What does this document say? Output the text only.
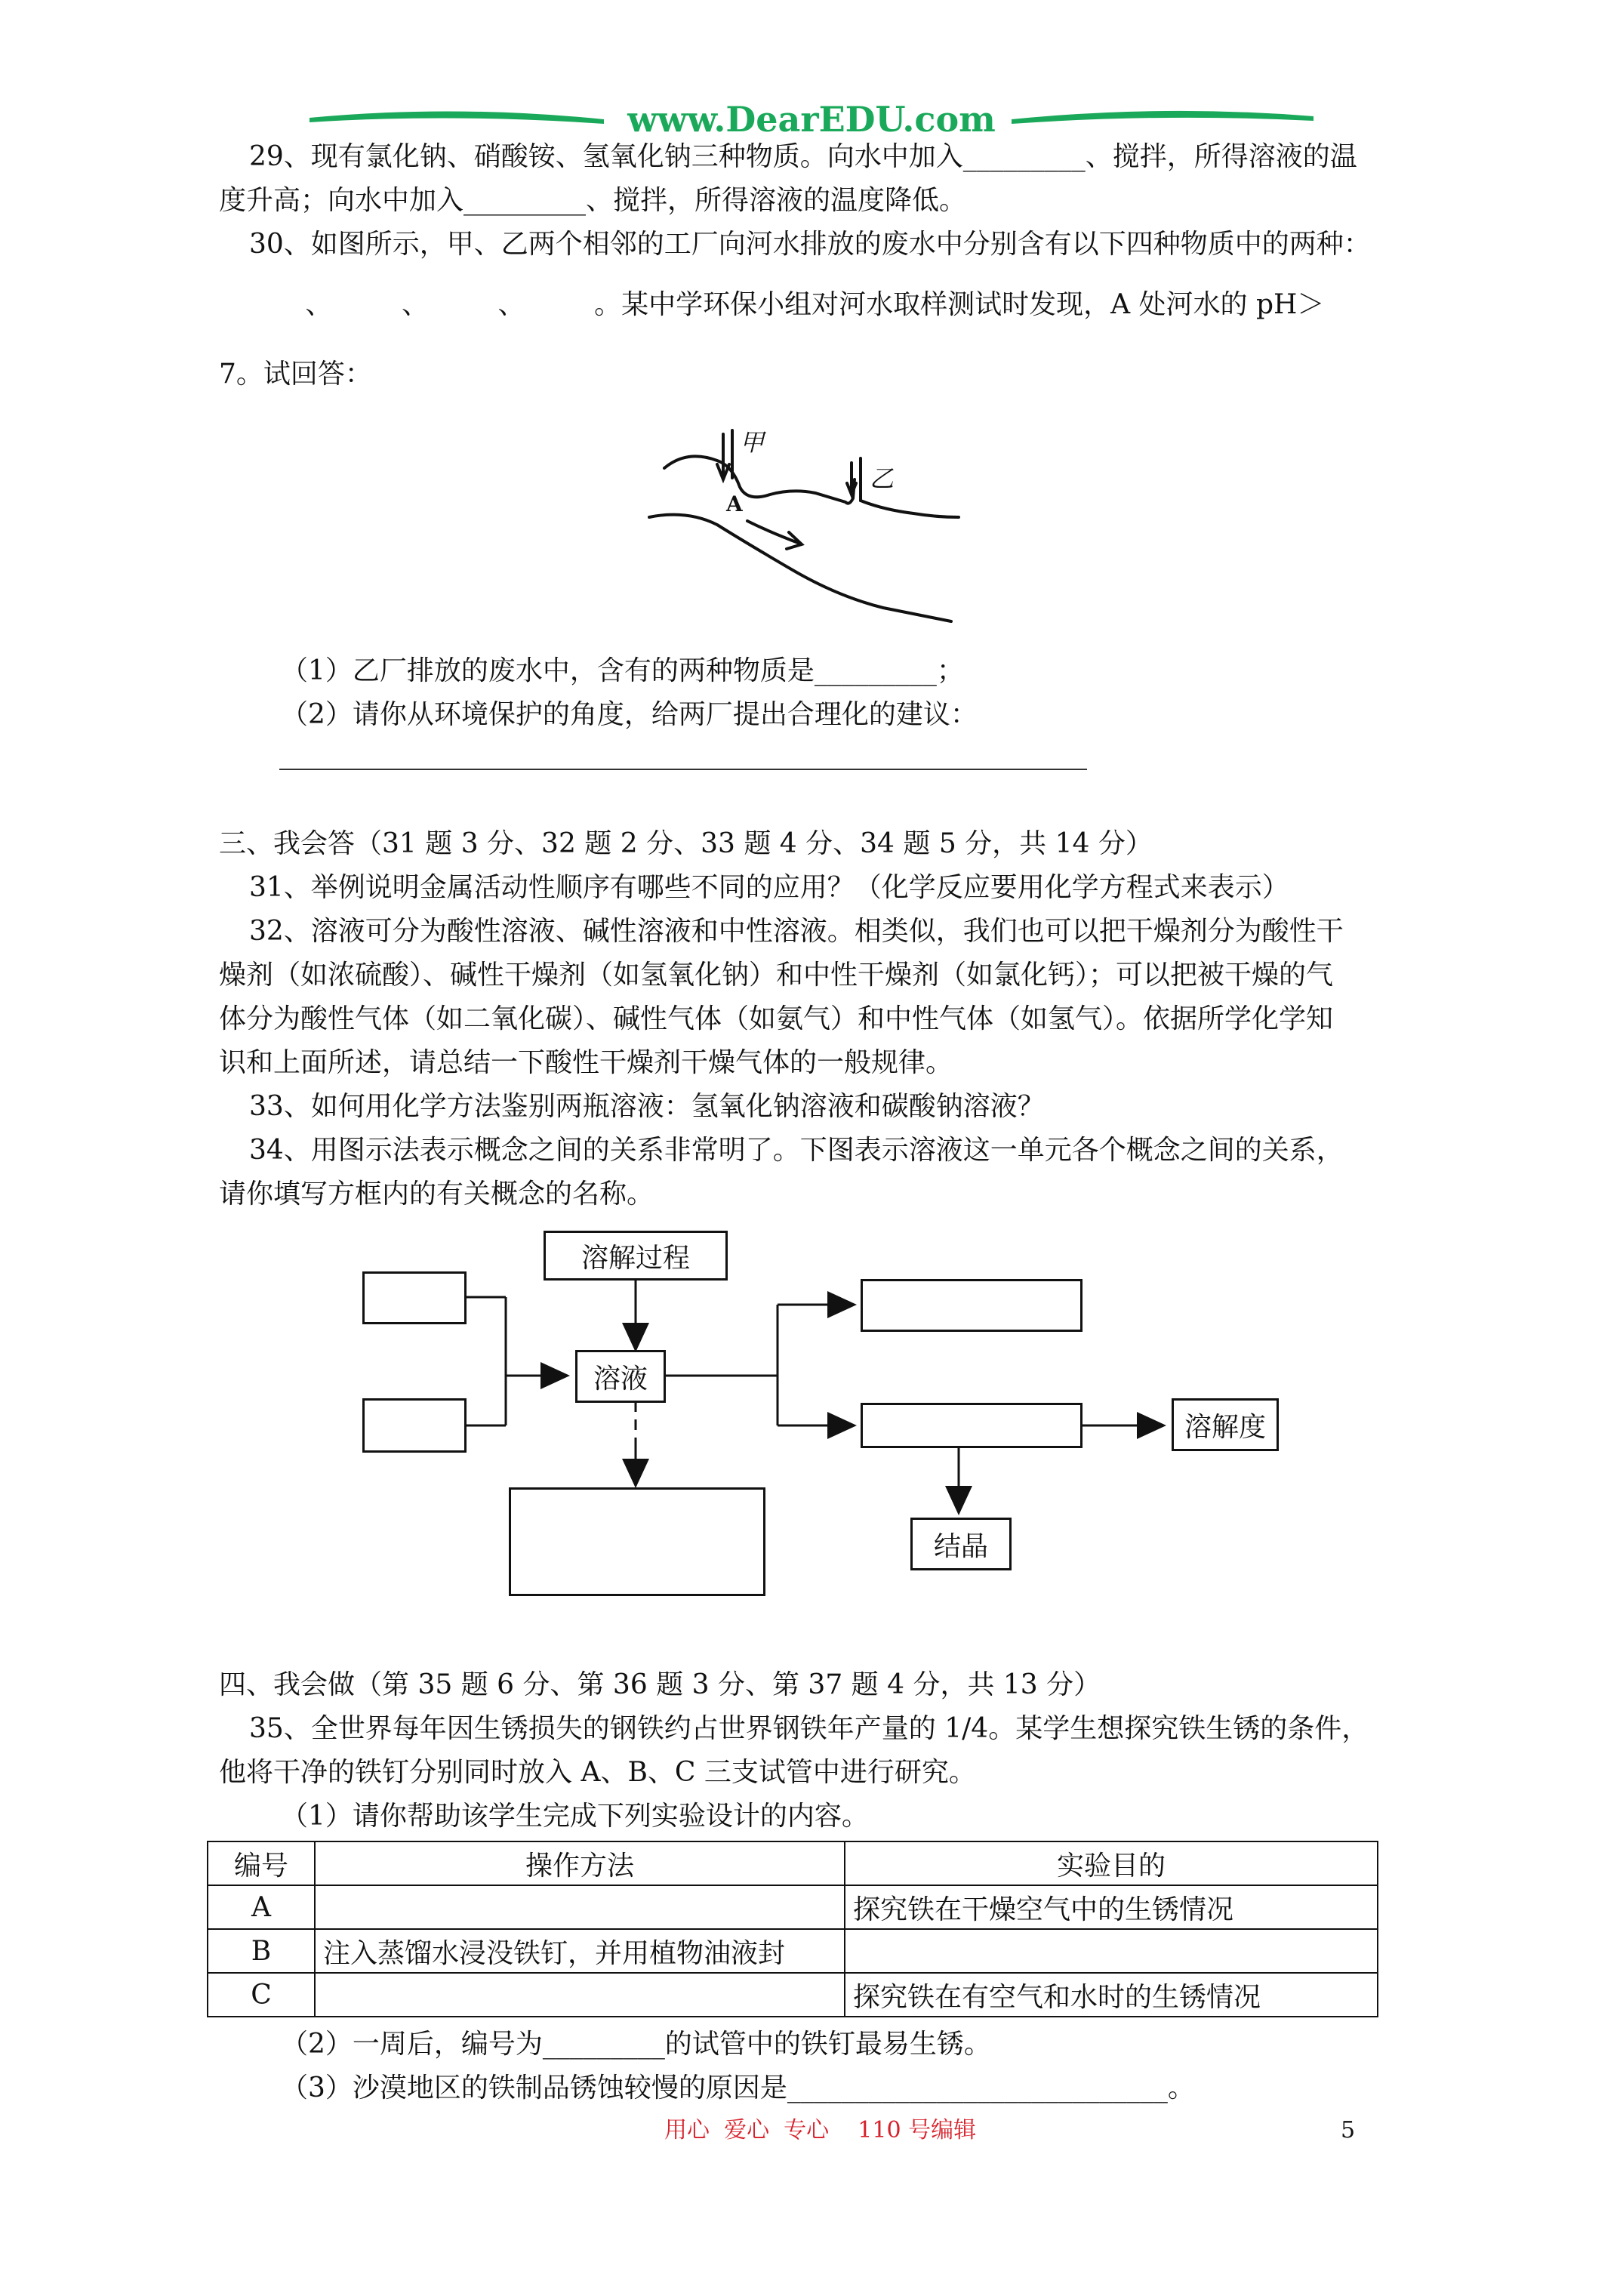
www.DearEDU.com
29、现有氯化钠、硝酸铵、氢氧化钠三种物质。向水中加入_________、搅拌，所得溶液的温
度升高；向水中加入_________、搅拌，所得溶液的温度降低。
30、如图所示，甲、乙两个相邻的工厂向河水排放的废水中分别含有以下四种物质中的两种：
、        、        、        。某中学环保小组对河水取样测试时发现，A 处河水的 pH＞
7。试回答：
甲
乙
A
（1）乙厂排放的废水中，含有的两种物质是_________；
（2）请你从环境保护的角度，给两厂提出合理化的建议：
三、我会答（31 题 3 分、32 题 2 分、33 题 4 分、34 题 5 分，共 14 分）
31、举例说明金属活动性顺序有哪些不同的应用？（化学反应要用化学方程式来表示）
32、溶液可分为酸性溶液、碱性溶液和中性溶液。相类似，我们也可以把干燥剂分为酸性干
燥剂（如浓硫酸）、碱性干燥剂（如氢氧化钠）和中性干燥剂（如氯化钙）；可以把被干燥的气
体分为酸性气体（如二氧化碳）、碱性气体（如氨气）和中性气体（如氢气）。依据所学化学知
识和上面所述，请总结一下酸性干燥剂干燥气体的一般规律。
33、如何用化学方法鉴别两瓶溶液：氢氧化钠溶液和碳酸钠溶液？
34、用图示法表示概念之间的关系非常明了。下图表示溶液这一单元各个概念之间的关系，
请你填写方框内的有关概念的名称。
溶解过程
溶液
溶解度
结晶
四、我会做（第 35 题 6 分、第 36 题 3 分、第 37 题 4 分，共 13 分）
35、全世界每年因生锈损失的钢铁约占世界钢铁年产量的 1/4。某学生想探究铁生锈的条件，
他将干净的铁钉分别同时放入 A、B、C 三支试管中进行研究。
（1）请你帮助该学生完成下列实验设计的内容。
编号	操作方法	实验目的
A		探究铁在干燥空气中的生锈情况
B	注入蒸馏水浸没铁钉，并用植物油液封	
C		探究铁在有空气和水时的生锈情况
（2）一周后，编号为_________的试管中的铁钉最易生锈。
（3）沙漠地区的铁制品锈蚀较慢的原因是____________________________。
用心  爱心  专心    110 号编辑	5
